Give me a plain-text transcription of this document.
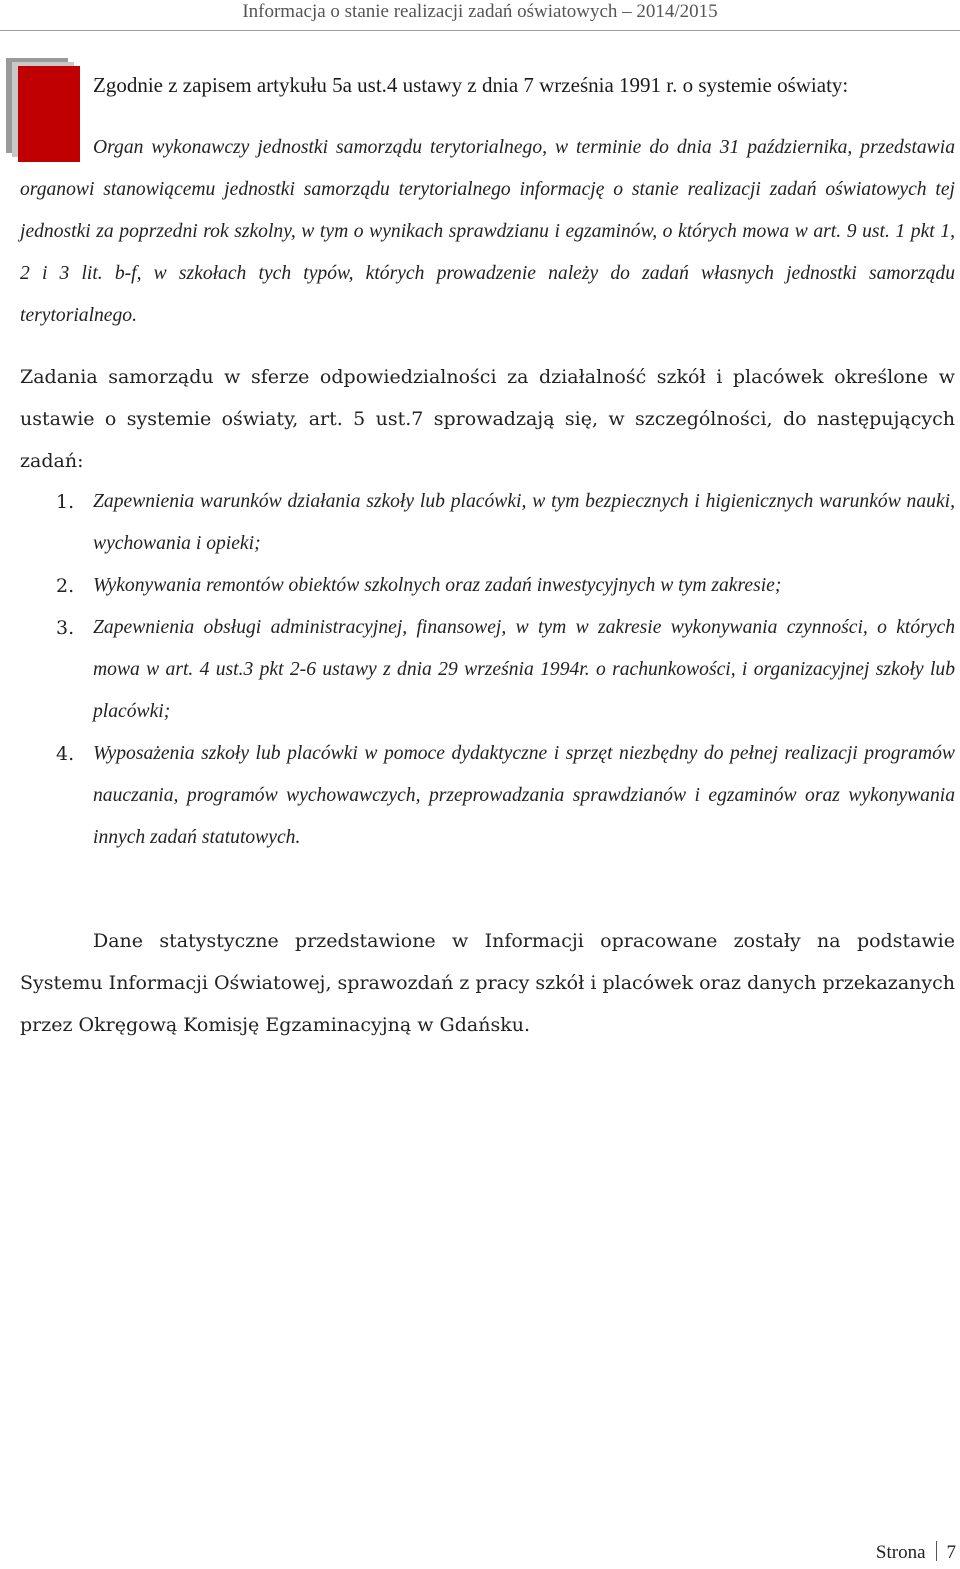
Informacja o stanie realizacji zadań oświatowych – 2014/2015

Zgodnie z zapisem artykułu 5a ust.4 ustawy z dnia 7 września 1991 r. o systemie oświaty:

Organ wykonawczy jednostki samorządu terytorialnego, w terminie do dnia 31 października, przedstawia organowi stanowiącemu jednostki samorządu terytorialnego informację o stanie realizacji zadań oświatowych tej jednostki za poprzedni rok szkolny, w tym o wynikach sprawdzianu i egzaminów, o których mowa w art. 9 ust. 1 pkt 1, 2 i 3 lit. b-f, w szkołach tych typów, których prowadzenie należy do zadań własnych jednostki samorządu terytorialnego.

Zadania samorządu w sferze odpowiedzialności za działalność szkół i placówek określone w ustawie o systemie oświaty, art. 5 ust.7 sprowadzają się, w szczególności, do następujących zadań:

1. Zapewnienia warunków działania szkoły lub placówki, w tym bezpiecznych i higienicznych warunków nauki, wychowania i opieki;
2. Wykonywania remontów obiektów szkolnych oraz zadań inwestycyjnych w tym zakresie;
3. Zapewnienia obsługi administracyjnej, finansowej, w tym w zakresie wykonywania czynności, o których mowa w art. 4 ust.3 pkt 2-6 ustawy z dnia 29 września 1994r. o rachunkowości, i organizacyjnej szkoły lub placówki;
4. Wyposażenia szkoły lub placówki w pomoce dydaktyczne i sprzęt niezbędny do pełnej realizacji programów nauczania, programów wychowawczych, przeprowadzania sprawdzianów i egzaminów oraz wykonywania innych zadań statutowych.

Dane statystyczne przedstawione w Informacji opracowane zostały na podstawie Systemu Informacji Oświatowej, sprawozdań z pracy szkół i placówek oraz danych przekazanych przez Okręgową Komisję Egzaminacyjną w Gdańsku.

Strona 7
